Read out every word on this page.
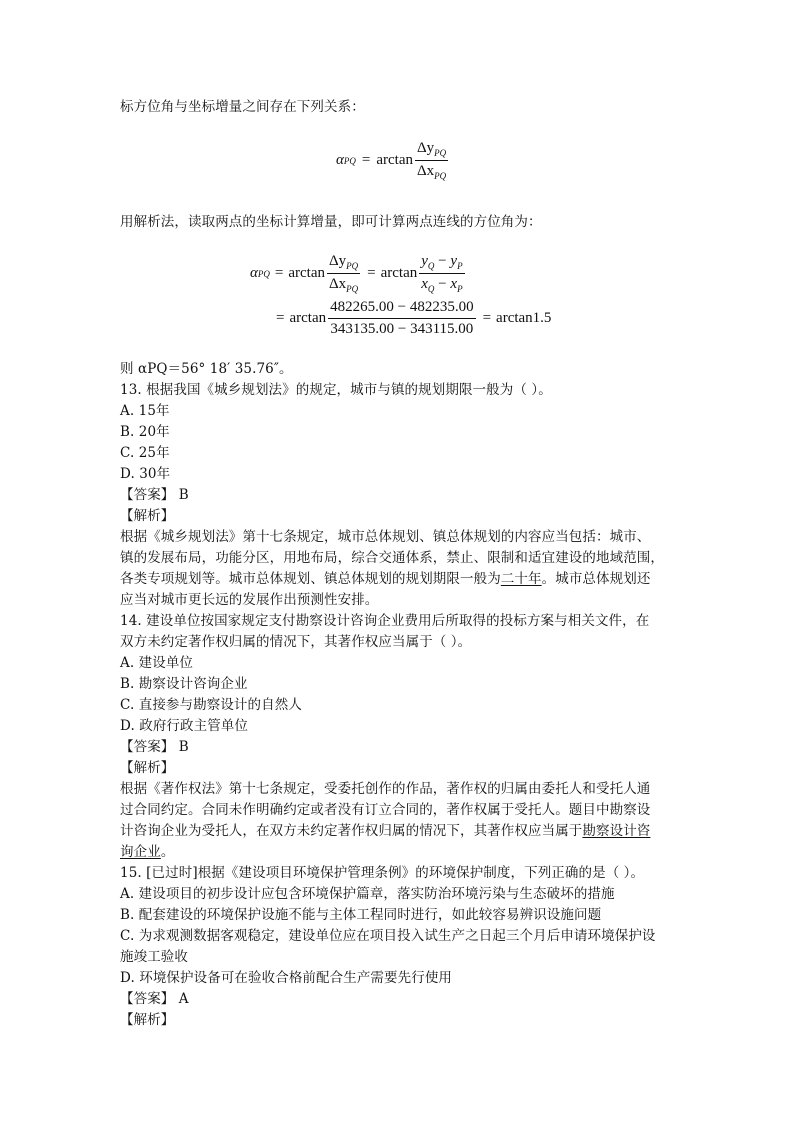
标方位角与坐标增量之间存在下列关系：
α PQ = $\arctan \frac{\Delta y_{PQ}}{\Delta x_{PQ}}$
用解析法，读取两点的坐标计算增量，即可计算两点连线的方位角为：
α PQ = $\arctan \frac{\Delta y_{PQ}}{\Delta x_{PQ}} = \arctan \frac{y_Q - y_P}{x_Q - x_P}$
= $\arctan \frac{482265.00 - 482235.00}{343135.00 - 343115.00} = \arctan 1.5$
则 αPQ＝56° 18′ 35.76″。
13. 根据我国《城乡规划法》的规定，城市与镇的规划期限一般为（ ）。
A. 15年
B. 20年
C. 25年
D. 30年
【答案】 B
【解析】
根据《城乡规划法》第十七条规定，城市总体规划、镇总体规划的内容应当包括：城市、
镇的发展布局，功能分区，用地布局，综合交通体系，禁止、限制和适宜建设的地域范围，
各类专项规划等。城市总体规划、镇总体规划的规划期限一般为二十年。城市总体规划还
应当对城市更长远的发展作出预测性安排。
14. 建设单位按国家规定支付勘察设计咨询企业费用后所取得的投标方案与相关文件，在
双方未约定著作权归属的情况下，其著作权应当属于（ ）。
A. 建设单位
B. 勘察设计咨询企业
C. 直接参与勘察设计的自然人
D. 政府行政主管单位
【答案】 B
【解析】
根据《著作权法》第十七条规定，受委托创作的作品，著作权的归属由委托人和受托人通
过合同约定。合同未作明确约定或者没有订立合同的，著作权属于受托人。题目中勘察设
计咨询企业为受托人，在双方未约定著作权归属的情况下，其著作权应当属于勘察设计咨
询企业。
15. [已过时]根据《建设项目环境保护管理条例》的环境保护制度，下列正确的是（ ）。
A. 建设项目的初步设计应包含环境保护篇章，落实防治环境污染与生态破坏的措施
B. 配套建设的环境保护设施不能与主体工程同时进行，如此较容易辨识设施问题
C. 为求观测数据客观稳定，建设单位应在项目投入试生产之日起三个月后申请环境保护设
施竣工验收
D. 环境保护设备可在验收合格前配合生产需要先行使用
【答案】 A
【解析】
